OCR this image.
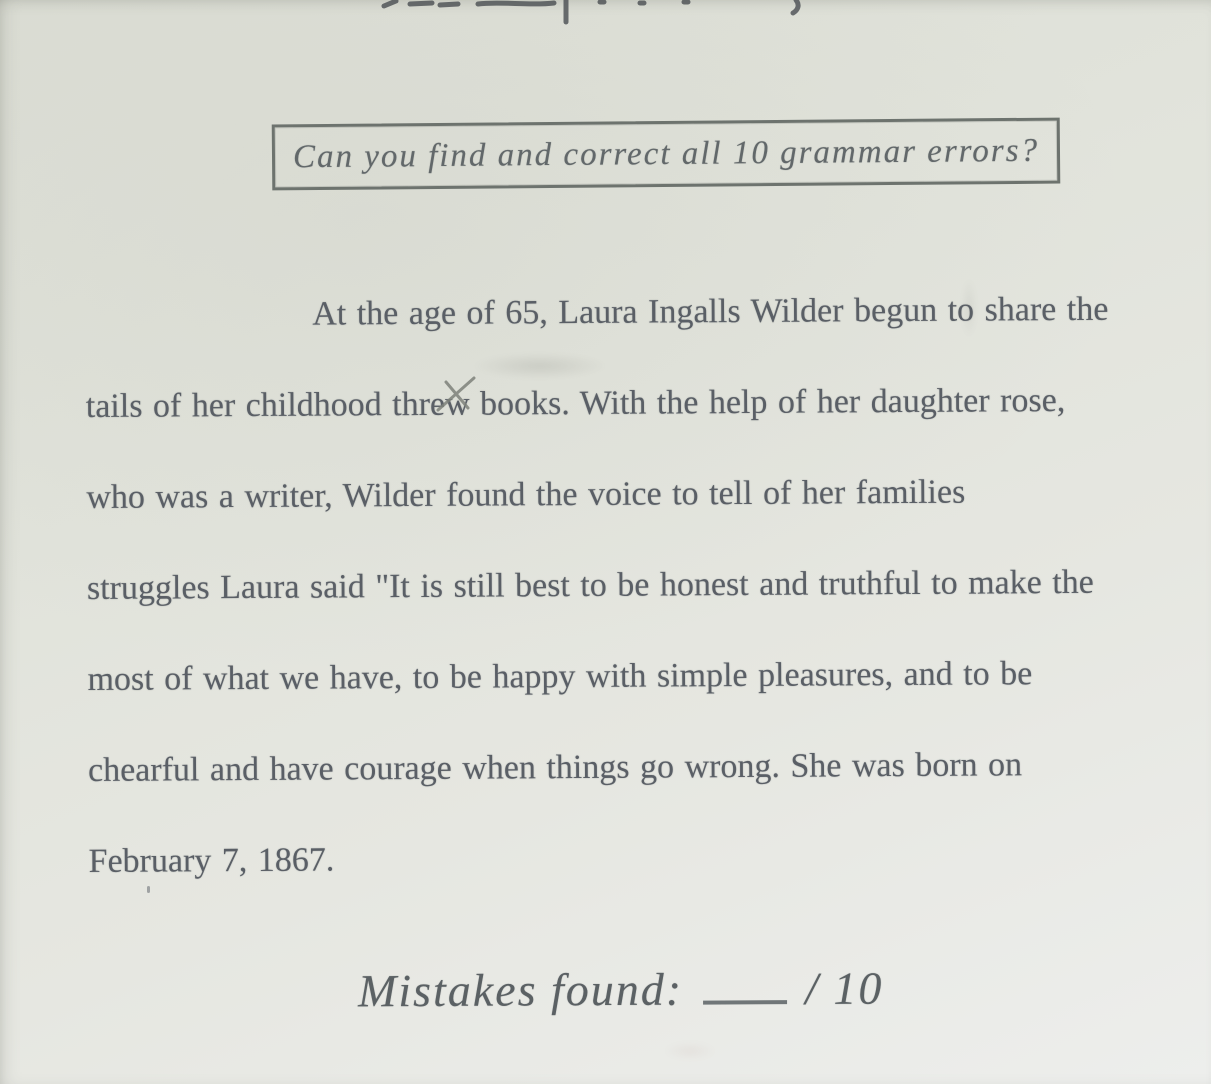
Can you find and correct all 10 grammar errors?
At the age of 65, Laura Ingalls Wilder begun to share the
tails of her childhood threw books. With the help of her daughter rose,
who was a writer, Wilder found the voice to tell of her families
struggles Laura said "It is still best to be honest and truthful to make the
most of what we have, to be happy with simple pleasures, and to be
chearful and have courage when things go wrong. She was born on
February 7, 1867.
Mistakes found:	/ 10
